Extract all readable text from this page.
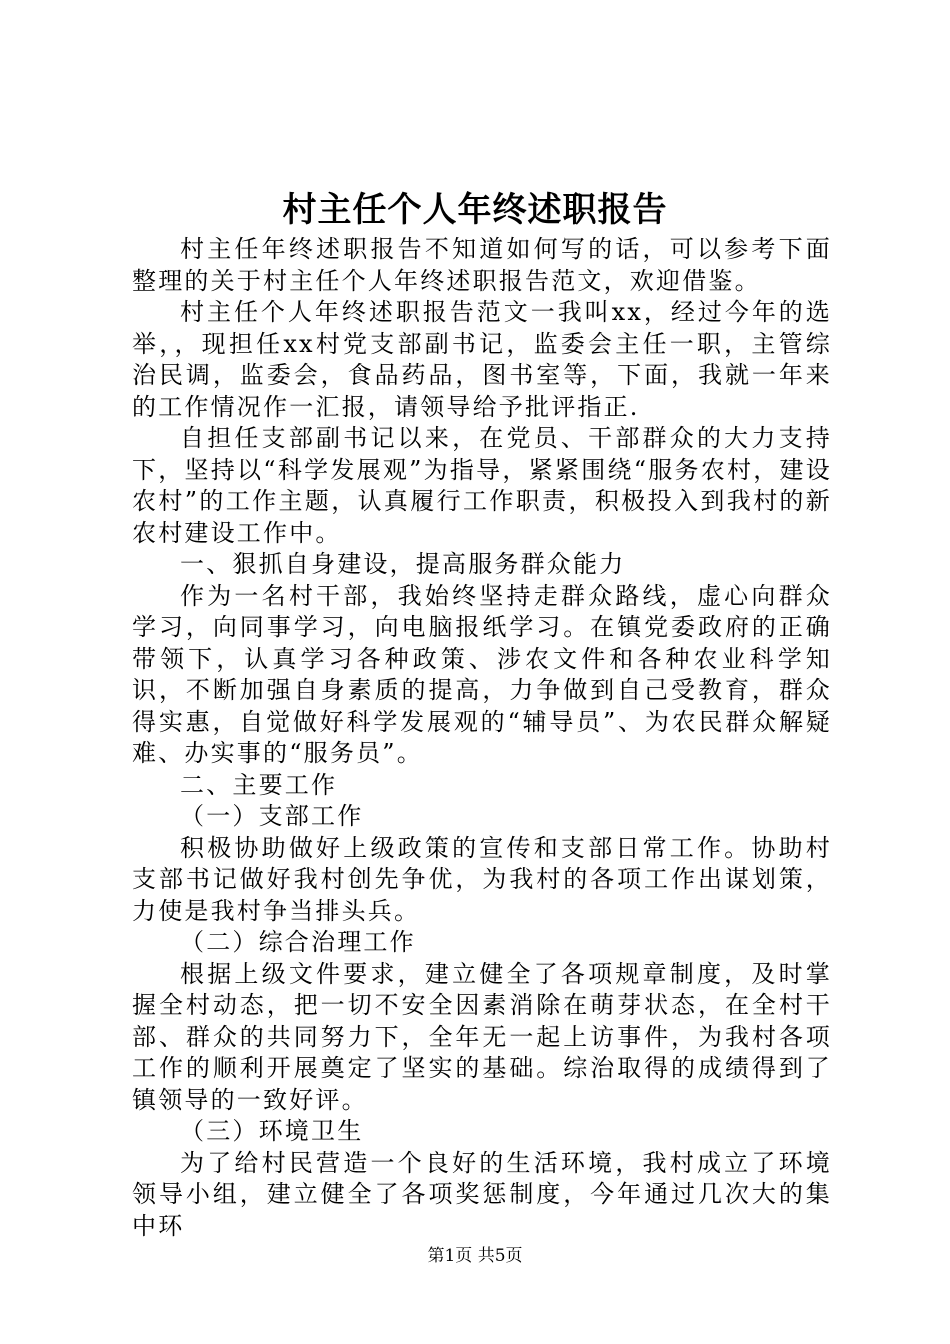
村主任个人年终述职报告

村主任年终述职报告不知道如何写的话，可以参考下面整理的关于村主任个人年终述职报告范文，欢迎借鉴。

村主任个人年终述职报告范文一我叫xx，经过今年的选举，，现担任xx村党支部副书记，监委会主任一职，主管综治民调，监委会，食品药品，图书室等，下面，我就一年来的工作情况作一汇报，请领导给予批评指正.

自担任支部副书记以来，在党员、干部群众的大力支持下，坚持以“科学发展观”为指导，紧紧围绕“服务农村，建设农村”的工作主题，认真履行工作职责，积极投入到我村的新农村建设工作中。

一、狠抓自身建设，提高服务群众能力

作为一名村干部，我始终坚持走群众路线，虚心向群众学习，向同事学习，向电脑报纸学习。在镇党委政府的正确带领下，认真学习各种政策、涉农文件和各种农业科学知识，不断加强自身素质的提高，力争做到自己受教育，群众得实惠，自觉做好科学发展观的“辅导员”、为农民群众解疑难、办实事的“服务员”。

二、主要工作

（一）支部工作

积极协助做好上级政策的宣传和支部日常工作。协助村支部书记做好我村创先争优，为我村的各项工作出谋划策，力使是我村争当排头兵。

（二）综合治理工作

根据上级文件要求，建立健全了各项规章制度，及时掌握全村动态，把一切不安全因素消除在萌芽状态，在全村干部、群众的共同努力下，全年无一起上访事件，为我村各项工作的顺利开展奠定了坚实的基础。综治取得的成绩得到了镇领导的一致好评。

（三）环境卫生

为了给村民营造一个良好的生活环境，我村成立了环境领导小组，建立健全了各项奖惩制度，今年通过几次大的集中环

第1页 共5页
